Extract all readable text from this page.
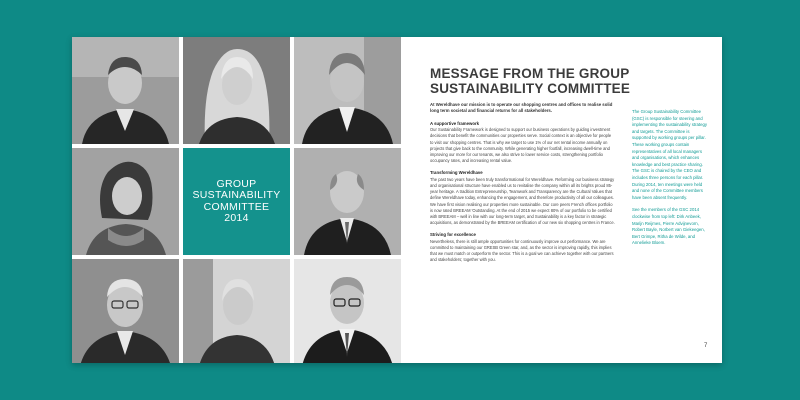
GROUP
SUSTAINABILITY
COMMITTEE
2014
MESSAGE FROM THE GROUP
SUSTAINABILITY COMMITTEE

At Wereldhave our mission is to operate our shopping centres and offices to realise solid long term societal and financial returns for all stakeholders.

A supportive framework

Our Sustainability Framework is designed to support our business operations by guiding investment decisions that benefit the communities our properties serve. Social context is an objective for people to visit our shopping centres. That is why we target to use 1% of our net rental income annually on projects that give back to the community. While generating higher footfall, increasing dwell-time and improving our more for our tenants, we also strive to lower service costs, strengthening portfolio occupancy rates, and increasing rental value.

Transforming Wereldhave

The past two years have been truly transformational for Wereldhave. Reforming our business strategy and organisational structure have enabled us to revitalise the company within all its brights proud 85-year heritage. A tradition Entrepreneurship, Teamwork and Transparency are the Cultural Values that define Wereldhave today, enhancing the engagement, and therefore productivity of all our colleagues. We have first vision realising our properties more sustainable. Our core peers French offices portfolio is now rated BREEAM 'Outstanding. At the end of 2015 we expect 80% of our portfolio to be certified with BREEAM – well in line with our long-term target, and Sustainability is a key factor in strategic acquisitions, as demonstrated by the BREEAM certification of our new six shopping centres in France.

Striving for excellence

Nevertheless, there is still ample opportunities for continuously improve our performance. We are committed to maintaining our GRESB Green star, and, as the sector is improving rapidly, this implies that we must match or outperform the sector. This is a goal we can achieve together with our partners and stakeholders; together with you.

The Group Sustainability Committee (GSC) is responsible for steering and implementing the sustainability strategy and targets. The Committee is supported by working groups per pillar. These working groups contain representatives of all local managers and organisations, which enhances knowledge and best practice sharing. The GSC is chaired by the CEO and includes three persons for each pillar. During 2014, ten meetings were held and none of the Committee members have been absent frequently.

See the members of the GSC 2014 clockwise from top left: Dirk Anbeek, Marijn Reijmes, Pierre Advijnevorn, Robert Bayle, Norbert van Giekeegen, Bert Grimpe, Ritha de Wilde, and Annelieke Bloem.

7
